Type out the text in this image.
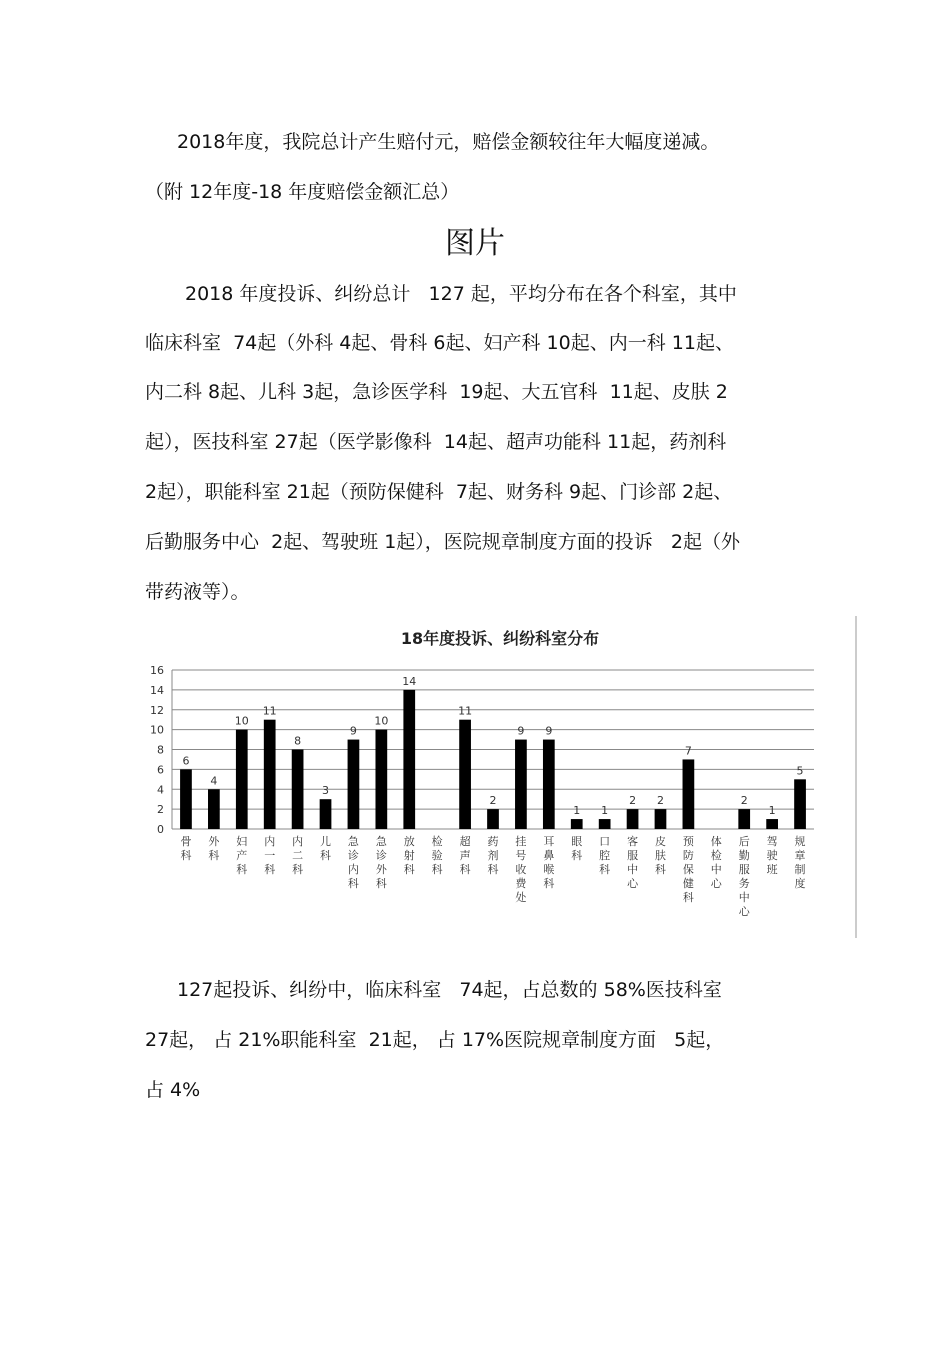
2018年度，我院总计产生赔付元，赔偿金额较往年大幅度递减。

（附 12年度-18 年度赔偿金额汇总）

图片

2018 年度投诉、纠纷总计   127 起，平均分布在各个科室，其中

临床科室  74起（外科 4起、骨科 6起、妇产科 10起、内一科 11起、

内二科 8起、儿科 3起，急诊医学科  19起、大五官科  11起、皮肤 2

起），医技科室 27起（医学影像科  14起、超声功能科 11起，药剂科

2起），职能科室 21起（预防保健科  7起、财务科 9起、门诊部 2起、

后勤服务中心  2起、驾驶班 1起），医院规章制度方面的投诉   2起（外

带药液等）。

18年度投诉、纠纷科室分布
0
2
4
6
8
10
12
14
16
6
4
10
11
8
3
9
10
14
11
2
9 9
1 1
2 2
7
2
1
5
骨科
外科
妇产科
内一科
内二科
儿科
急诊内科
急诊外科
放射科
检验科
超声科
药剂科
挂号收费处
耳鼻喉科
眼科
口腔科
客服中心
皮肤科
预防保健科
体检中心
后勤服务中心
驾驶班
规章制度

127起投诉、纠纷中，临床科室   74起，占总数的 58%医技科室

27起， 占 21%职能科室  21起， 占 17%医院规章制度方面   5起，

占 4%
